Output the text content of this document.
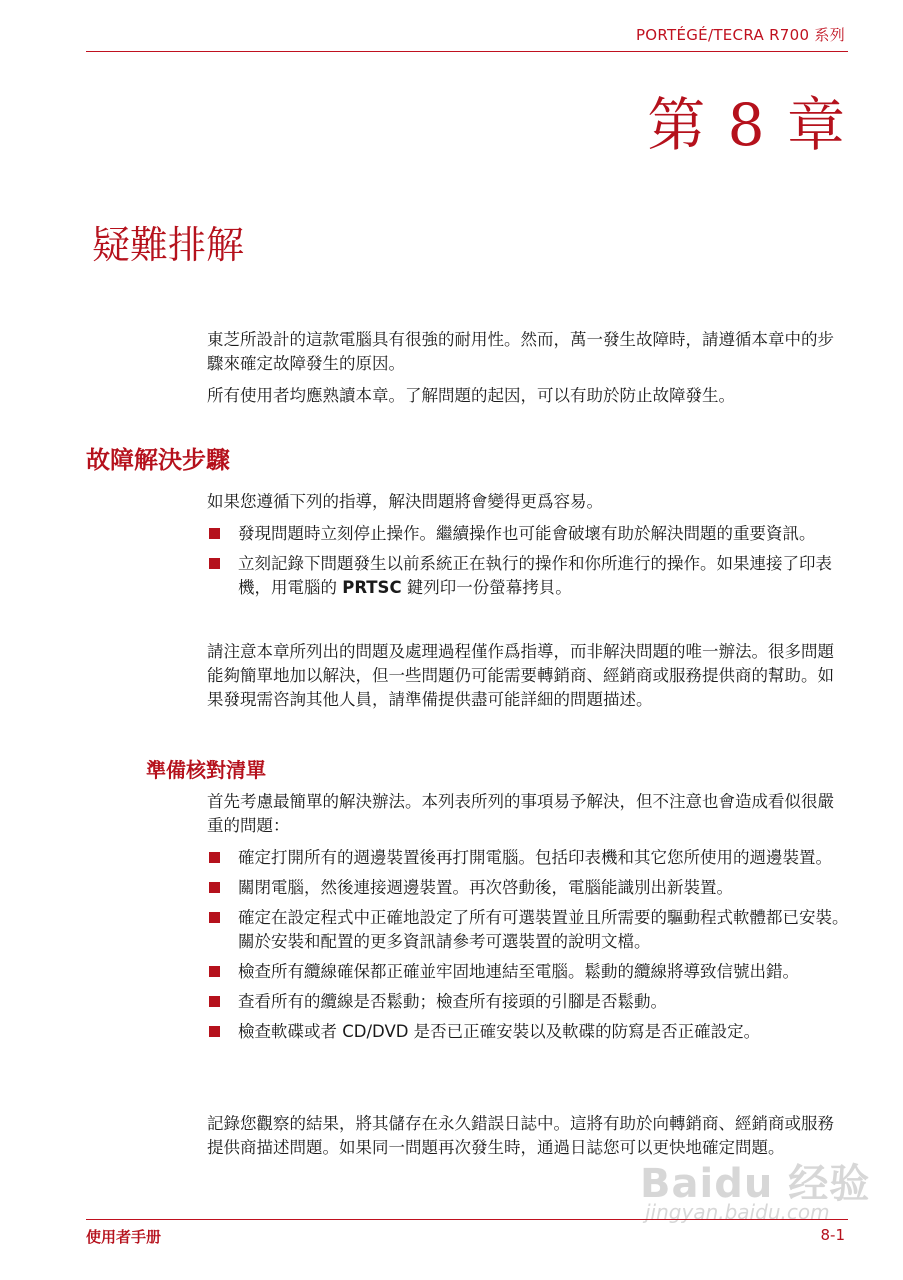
PORTÉGÉ/TECRA R700 系列
第 8 章
疑難排解

東芝所設計的這款電腦具有很強的耐用性。然而，萬一發生故障時，請遵循本章中的步驟來確定故障發生的原因。

所有使用者均應熟讀本章。了解問題的起因，可以有助於防止故障發生。

故障解決步驟

如果您遵循下列的指導，解決問題將會變得更爲容易。

發現問題時立刻停止操作。繼續操作也可能會破壞有助於解決問題的重要資訊。
立刻記錄下問題發生以前系統正在執行的操作和你所進行的操作。如果連接了印表機，用電腦的 PRTSC 鍵列印一份螢幕拷貝。

請注意本章所列出的問題及處理過程僅作爲指導，而非解決問題的唯一辦法。很多問題能夠簡單地加以解決，但一些問題仍可能需要轉銷商、經銷商或服務提供商的幫助。如果發現需咨詢其他人員，請準備提供盡可能詳細的問題描述。

準備核對清單

首先考慮最簡單的解決辦法。本列表所列的事項易予解決，但不注意也會造成看似很嚴重的問題：

確定打開所有的週邊裝置後再打開電腦。包括印表機和其它您所使用的週邊裝置。
關閉電腦，然後連接週邊裝置。再次啓動後，電腦能識別出新裝置。
確定在設定程式中正確地設定了所有可選裝置並且所需要的驅動程式軟體都已安裝。關於安裝和配置的更多資訊請參考可選裝置的說明文檔。
檢查所有纜線確保都正確並牢固地連結至電腦。鬆動的纜線將導致信號出錯。
查看所有的纜線是否鬆動；檢查所有接頭的引腳是否鬆動。
檢查軟碟或者 CD/DVD 是否已正確安裝以及軟碟的防寫是否正確設定。

記錄您觀察的結果，將其儲存在永久錯誤日誌中。這將有助於向轉銷商、經銷商或服務提供商描述問題。如果同一問題再次發生時，通過日誌您可以更快地確定問題。

Baidu 经验
jingyan.baidu.com
使用者手册	8-1
